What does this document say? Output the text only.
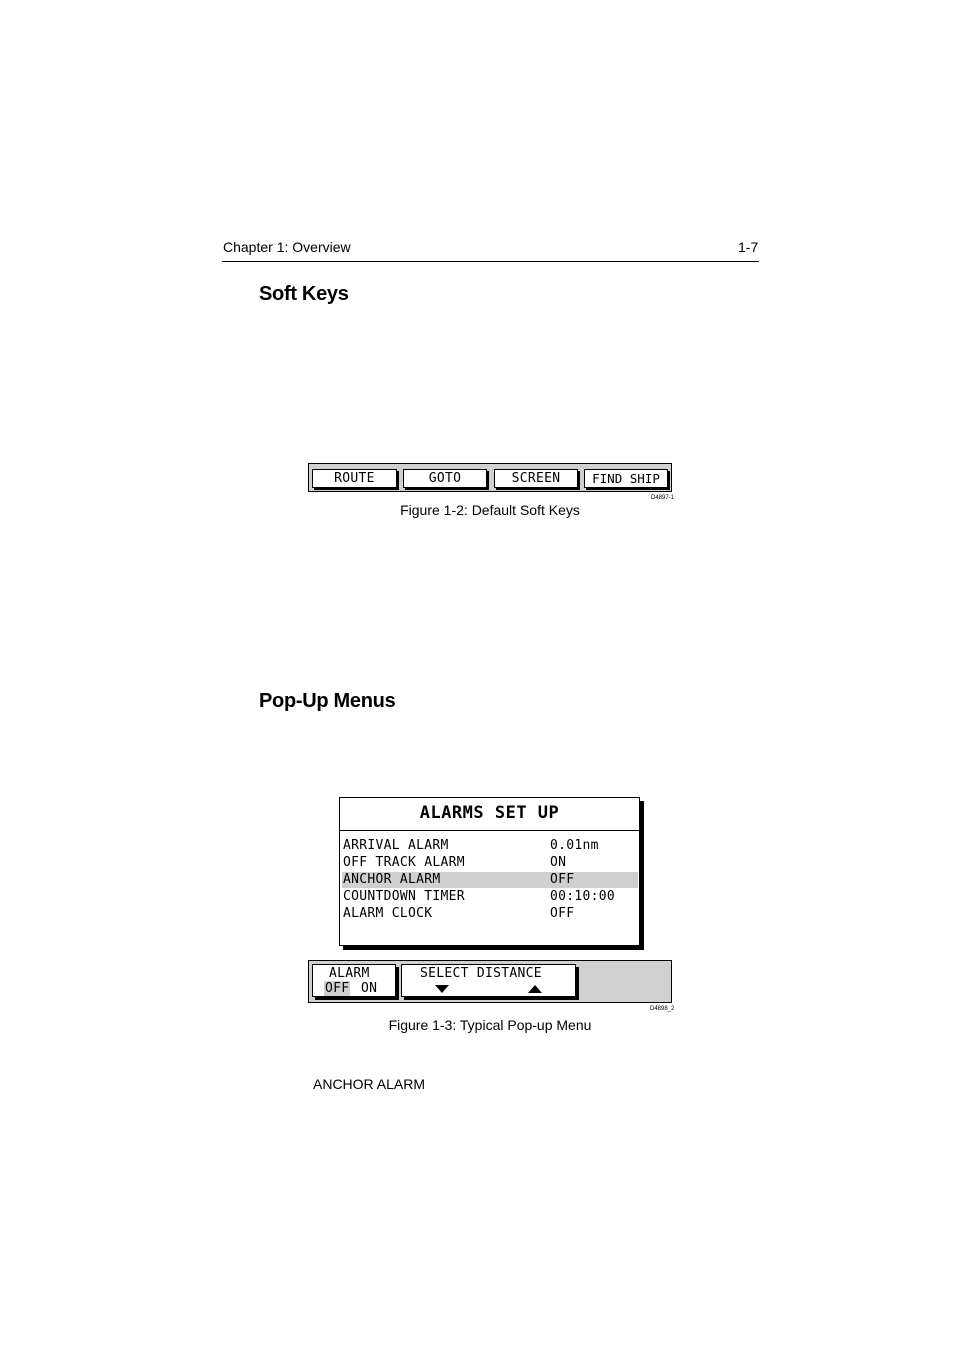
Chapter 1: Overview	1-7
Soft Keys
ROUTE	GOTO	SCREEN	FIND SHIP
D4897-1
Figure 1-2: Default Soft Keys
Pop-Up Menus
ALARMS SET UP
ARRIVAL ALARM	0.01nm
OFF TRACK ALARM	ON
ANCHOR ALARM	OFF
COUNTDOWN TIMER	00:10:00
ALARM CLOCK	OFF
ALARM
OFF ON
SELECT DISTANCE
D4898_2
Figure 1-3: Typical Pop-up Menu
ANCHOR ALARM
